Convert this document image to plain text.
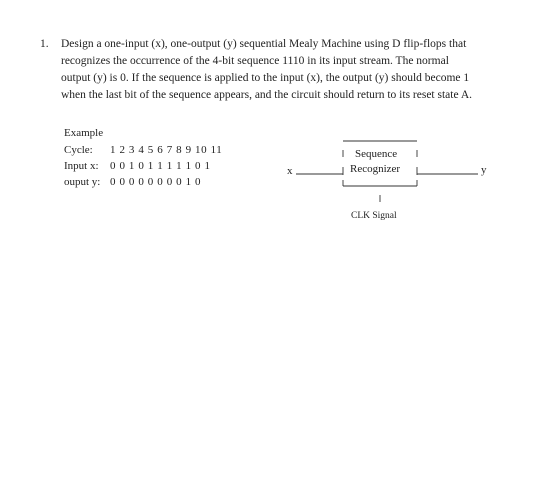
1. Design a one-input (x), one-output (y) sequential Mealy Machine using D flip-flops that
recognizes the occurrence of the 4-bit sequence 1110 in its input stream. The normal
output (y) is 0. If the sequence is applied to the input (x), the output (y) should become 1
when the last bit of the sequence appears, and the circuit should return to its reset state A.
Example
Cycle: 1 2 3 4 5 6 7 8 9 10 11
Input x: 0 0 1 0 1 1 1 1 1 0 1
ouput y: 0 0 0 0 0 0 0 0 1 0
x
Sequence
Recognizer	y
CLK Signal
